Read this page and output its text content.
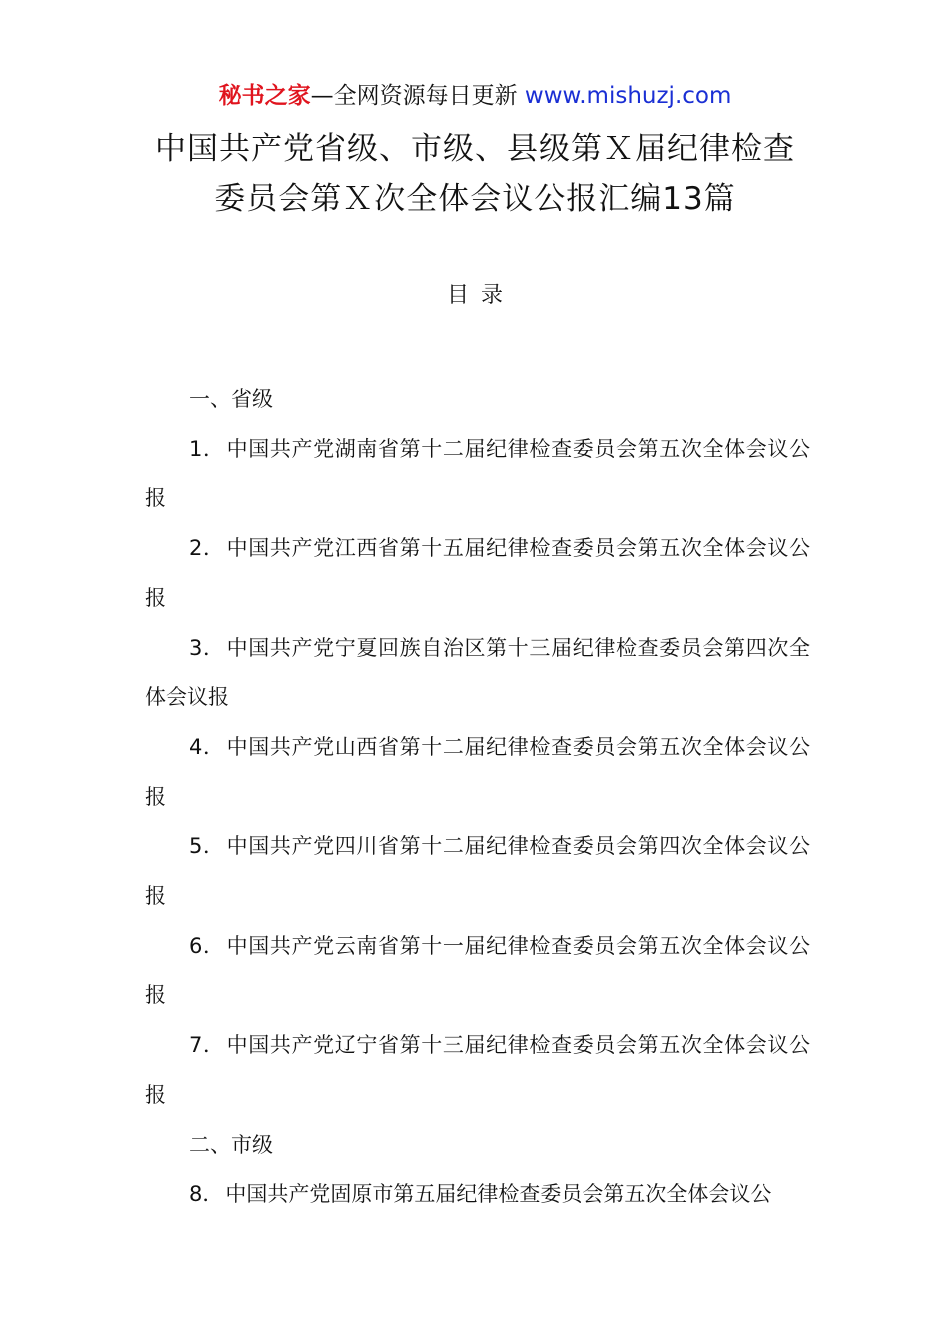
秘书之家—全网资源每日更新 www.mishuzj.com
中国共产党省级、市级、县级第Ｘ届纪律检查
委员会第Ｘ次全体会议公报汇编13篇
目录

一、省级

1．中国共产党湖南省第十二届纪律检查委员会第五次全体会议公报

2．中国共产党江西省第十五届纪律检查委员会第五次全体会议公报

3．中国共产党宁夏回族自治区第十三届纪律检查委员会第四次全体会议报

4．中国共产党山西省第十二届纪律检查委员会第五次全体会议公报

5．中国共产党四川省第十二届纪律检查委员会第四次全体会议公报

6．中国共产党云南省第十一届纪律检查委员会第五次全体会议公报

7．中国共产党辽宁省第十三届纪律检查委员会第五次全体会议公报

二、市级

8．中国共产党固原市第五届纪律检查委员会第五次全体会议公
